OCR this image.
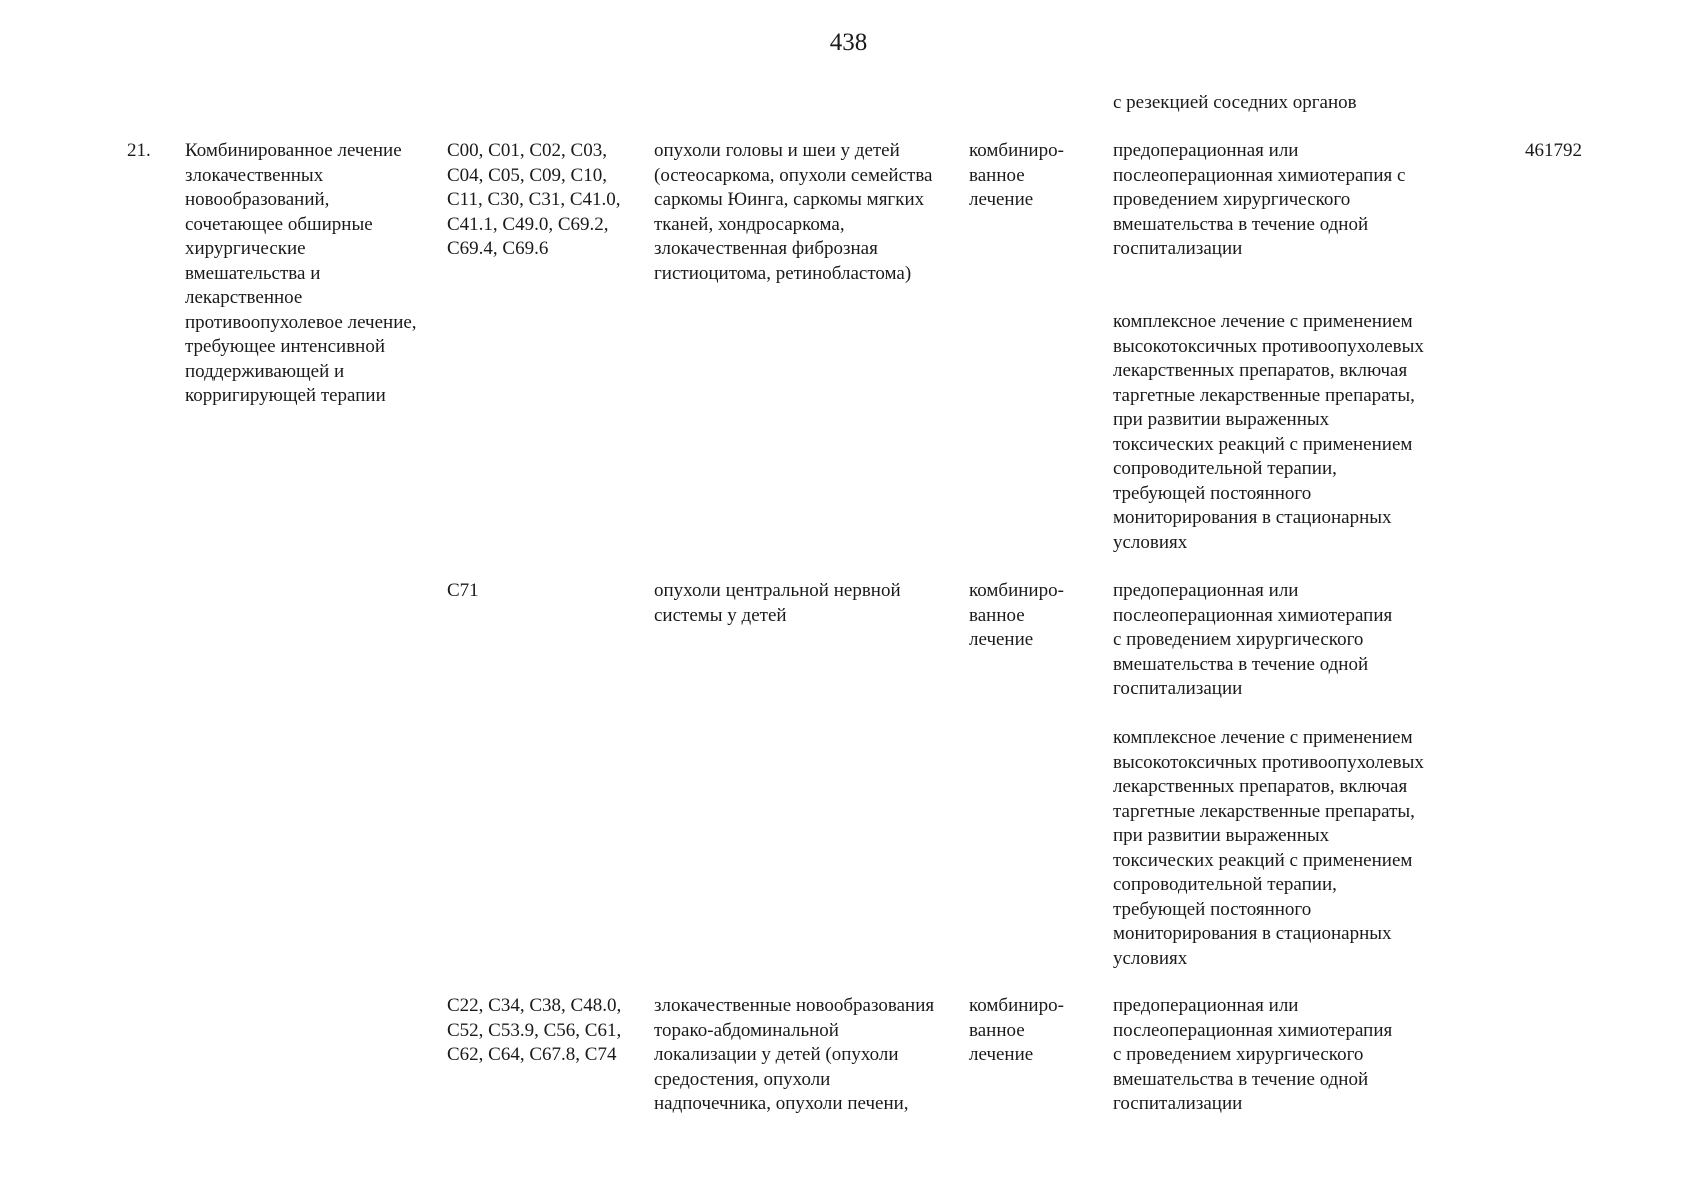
438
с резекцией соседних органов
21.	Комбинированное лечение
злокачественных
новообразований,
сочетающее обширные
хирургические
вмешательства и
лекарственное
противоопухолевое лечение,
требующее интенсивной
поддерживающей и
корригирующей терапии
461792
C00, C01, C02, C03,
C04, C05, C09, C10,
C11, C30, C31, C41.0,
C41.1, C49.0, C69.2,
C69.4, C69.6
опухоли головы и шеи у детей
(остеосаркома, опухоли семейства
саркомы Юинга, саркомы мягких
тканей, хондросаркома,
злокачественная фиброзная
гистиоцитома, ретинобластома)
комбиниро-
ванное
лечение
предоперационная или
послеоперационная химиотерапия с
проведением хирургического
вмешательства в течение одной
госпитализации
комплексное лечение с применением
высокотоксичных противоопухолевых
лекарственных препаратов, включая
таргетные лекарственные препараты,
при развитии выраженных
токсических реакций с применением
сопроводительной терапии,
требующей постоянного
мониторирования в стационарных
условиях
C71	опухоли центральной нервной
системы у детей
комбиниро-
ванное
лечение
предоперационная или
послеоперационная химиотерапия
с проведением хирургического
вмешательства в течение одной
госпитализации
комплексное лечение с применением
высокотоксичных противоопухолевых
лекарственных препаратов, включая
таргетные лекарственные препараты,
при развитии выраженных
токсических реакций с применением
сопроводительной терапии,
требующей постоянного
мониторирования в стационарных
условиях
C22, C34, C38, C48.0,
C52, C53.9, C56, C61,
C62, C64, C67.8, C74
злокачественные новообразования
торако-абдоминальной
локализации у детей (опухоли
средостения, опухоли
надпочечника, опухоли печени,
комбиниро-
ванное
лечение
предоперационная или
послеоперационная химиотерапия
с проведением хирургического
вмешательства в течение одной
госпитализации
